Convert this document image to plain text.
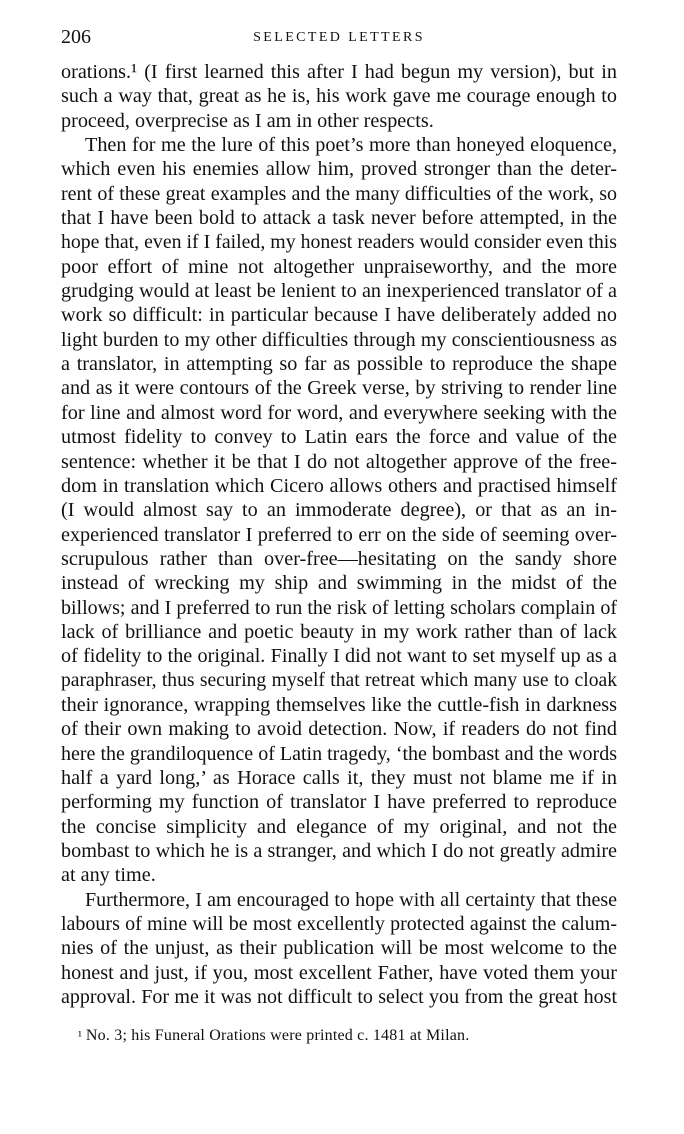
206	SELECTED LETTERS
orations.¹ (I first learned this after I had begun my version), but in
such a way that, great as he is, his work gave me courage enough to
proceed, overprecise as I am in other respects.
Then for me the lure of this poet’s more than honeyed eloquence,
which even his enemies allow him, proved stronger than the deter-
rent of these great examples and the many difficulties of the work, so
that I have been bold to attack a task never before attempted, in the
hope that, even if I failed, my honest readers would consider even this
poor effort of mine not altogether unpraiseworthy, and the more
grudging would at least be lenient to an inexperienced translator of a
work so difficult: in particular because I have deliberately added no
light burden to my other difficulties through my conscientiousness as
a translator, in attempting so far as possible to reproduce the shape
and as it were contours of the Greek verse, by striving to render line
for line and almost word for word, and everywhere seeking with the
utmost fidelity to convey to Latin ears the force and value of the
sentence: whether it be that I do not altogether approve of the free-
dom in translation which Cicero allows others and practised himself
(I would almost say to an immoderate degree), or that as an in-
experienced translator I preferred to err on the side of seeming over-
scrupulous rather than over-free—hesitating on the sandy shore
instead of wrecking my ship and swimming in the midst of the
billows; and I preferred to run the risk of letting scholars complain of
lack of brilliance and poetic beauty in my work rather than of lack
of fidelity to the original. Finally I did not want to set myself up as a
paraphraser, thus securing myself that retreat which many use to cloak
their ignorance, wrapping themselves like the cuttle-fish in darkness
of their own making to avoid detection. Now, if readers do not find
here the grandiloquence of Latin tragedy, ‘the bombast and the words
half a yard long,’ as Horace calls it, they must not blame me if in
performing my function of translator I have preferred to reproduce
the concise simplicity and elegance of my original, and not the
bombast to which he is a stranger, and which I do not greatly admire
at any time.
Furthermore, I am encouraged to hope with all certainty that these
labours of mine will be most excellently protected against the calum-
nies of the unjust, as their publication will be most welcome to the
honest and just, if you, most excellent Father, have voted them your
approval. For me it was not difficult to select you from the great host
¹ No. 3; his Funeral Orations were printed c. 1481 at Milan.
